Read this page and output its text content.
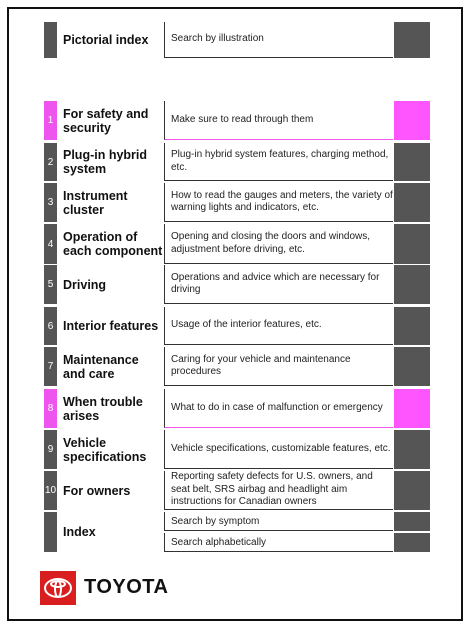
Pictorial index	Search by illustration
1 For safety and security
Make sure to read through them
2 Plug-in hybrid system
Plug-in hybrid system features, charging method, etc.
3 Instrument cluster
How to read the gauges and meters, the variety of warning lights and indicators, etc.
4 Operation of each component
Opening and closing the doors and windows, adjustment before driving, etc.
5 Driving
Operations and advice which are necessary for driving
6 Interior features	Usage of the interior features, etc.
7 Maintenance and care
Caring for your vehicle and maintenance procedures
8 When trouble arises
What to do in case of malfunction or emergency
9 Vehicle specifications
Vehicle specifications, customizable features, etc.
10 For owners
Reporting safety defects for U.S. owners, and seat belt, SRS airbag and headlight aim instructions for Canadian owners
Index
Search by symptom
Search alphabetically
TOYOTA
